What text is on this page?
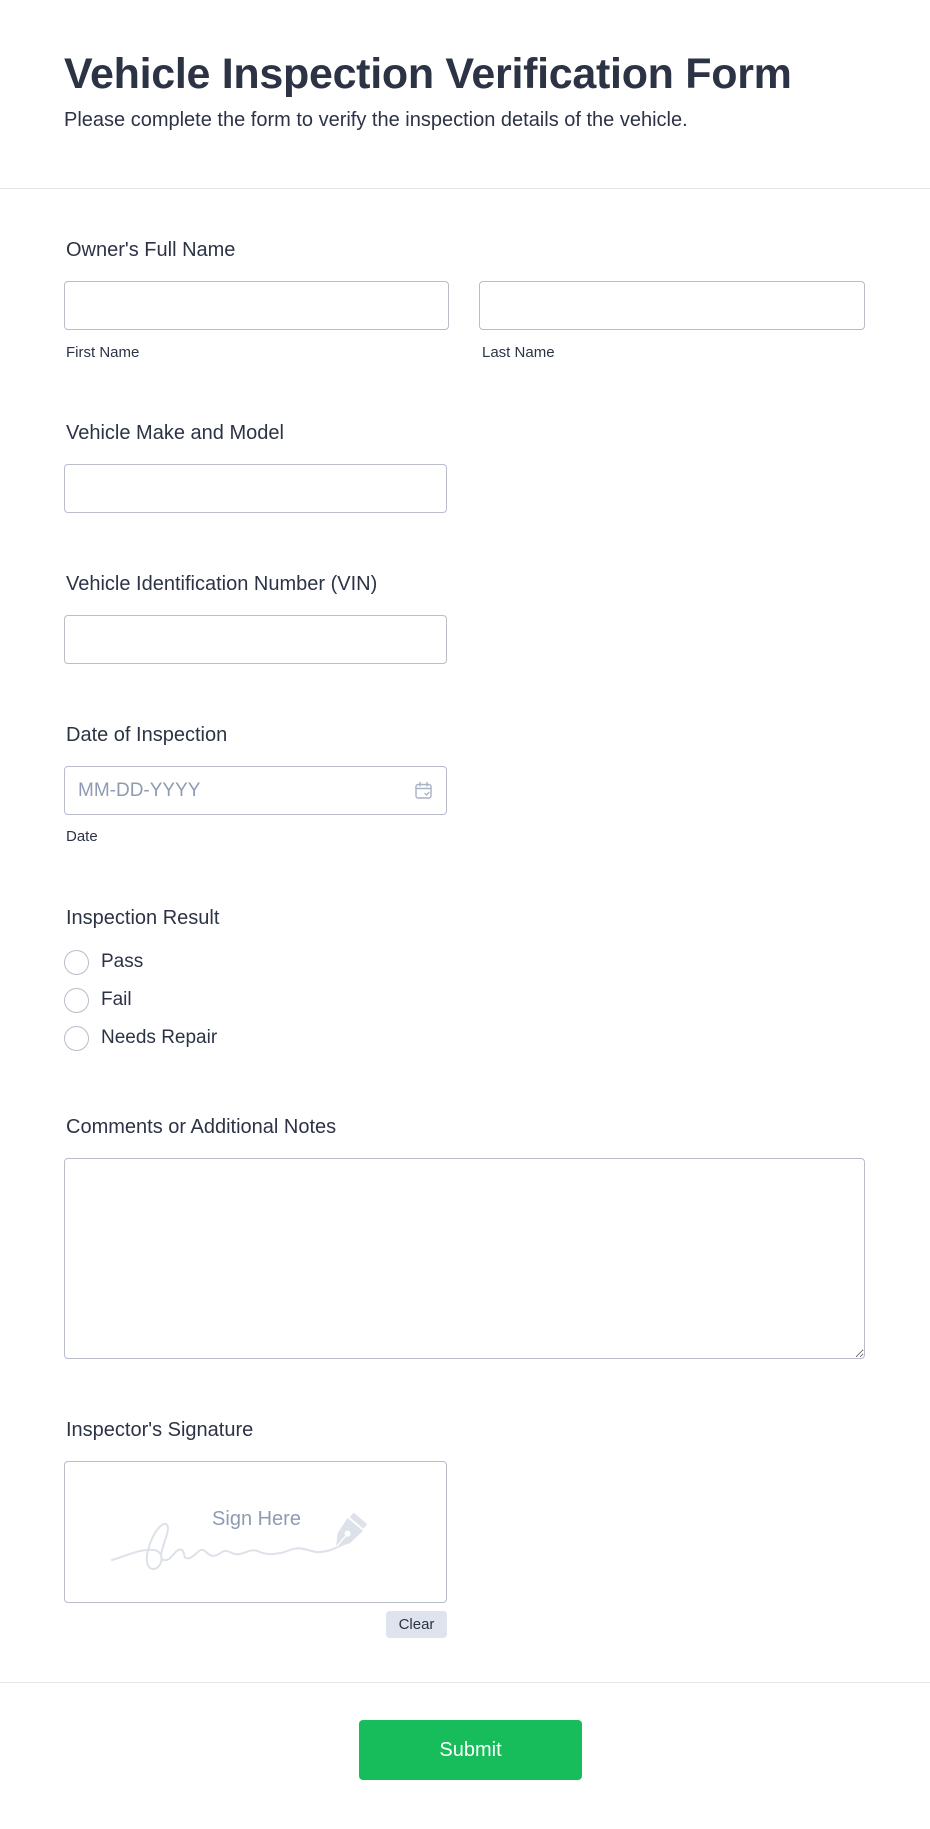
Vehicle Inspection Verification Form

Please complete the form to verify the inspection details of the vehicle.

Owner's Full Name
First Name	Last Name
Vehicle Make and Model
Vehicle Identification Number (VIN)
Date of Inspection
MM-DD-YYYY
Date
Inspection Result
Pass
Fail
Needs Repair
Comments or Additional Notes
Inspector's Signature
Sign Here
Clear
Submit
